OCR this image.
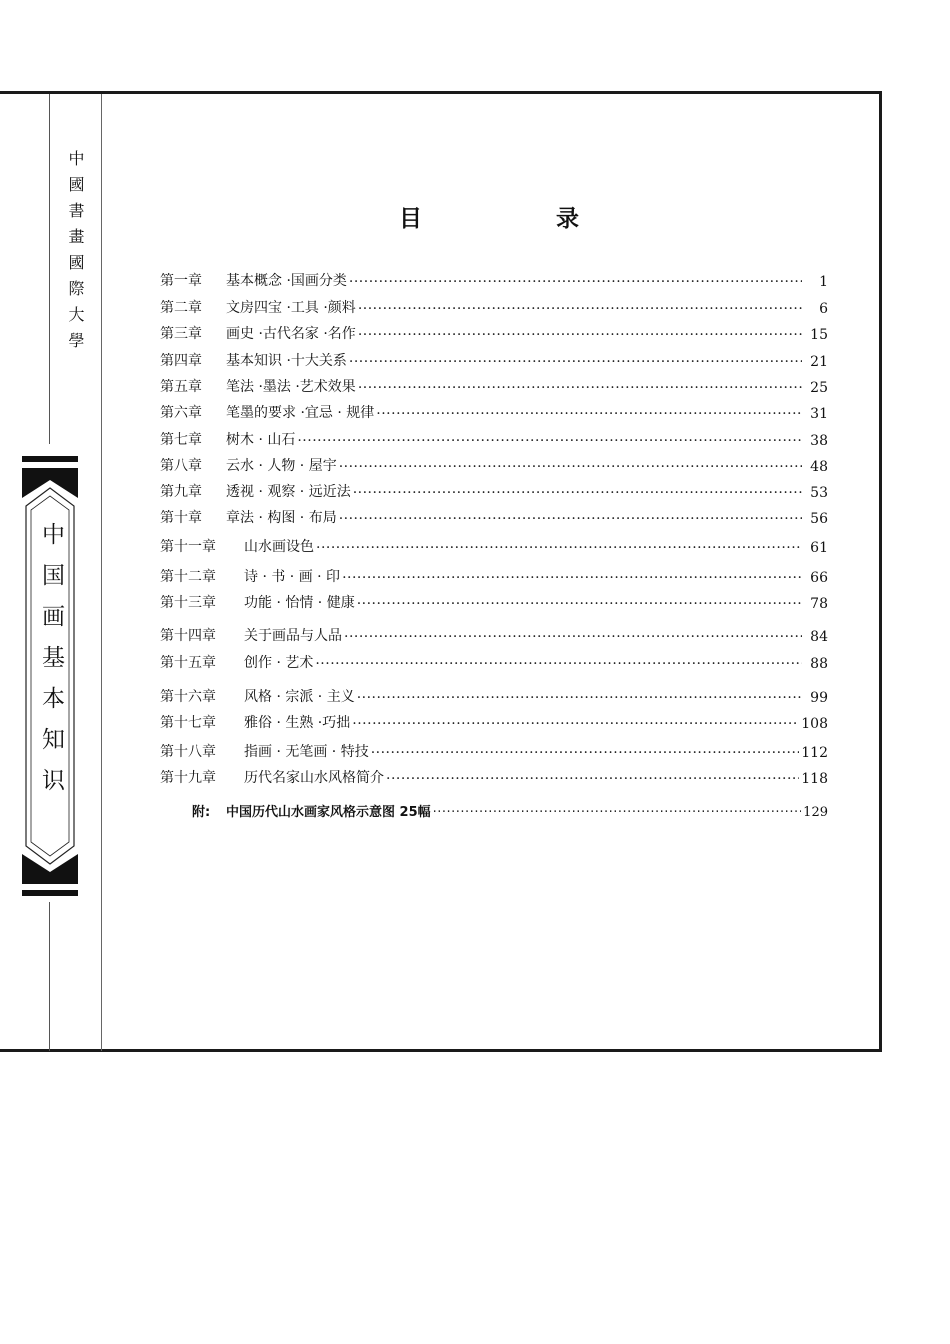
中國書畫國際大學
中国画基本知识
目	录
第一章	基本概念 ·国画分类 ·····	1
第二章	文房四宝 ·工具 ·颜料 ·····	6
第三章	画史 ·古代名家 ·名作 ·····	15
第四章	基本知识 ·十大关系 ·····	21
第五章	笔法 ·墨法 ·艺术效果 ·····	25
第六章	笔墨的要求 ·宜忌 · 规律 ·····	31
第七章	树木 · 山石 ·····	38
第八章	云水 · 人物 · 屋宇 ·····	48
第九章	透视 · 观察 · 远近法 ·····	53
第十章	章法 · 构图 · 布局 ·····	56
第十一章	山水画设色 ·····	61
第十二章	诗 · 书 · 画 · 印 ·····	66
第十三章	功能 · 怡情 · 健康 ·····	78
第十四章	关于画品与人品 ·····	84
第十五章	创作 · 艺术 ·····	88
第十六章	风格 · 宗派 · 主义 ·····	99
第十七章	雅俗 · 生熟 ·巧拙 ·····	108
第十八章	指画 · 无笔画 · 特技 ·····	112
第十九章	历代名家山水风格简介 ·····	118
附:	中国历代山水画家风格示意图 25幅 ·····	129
